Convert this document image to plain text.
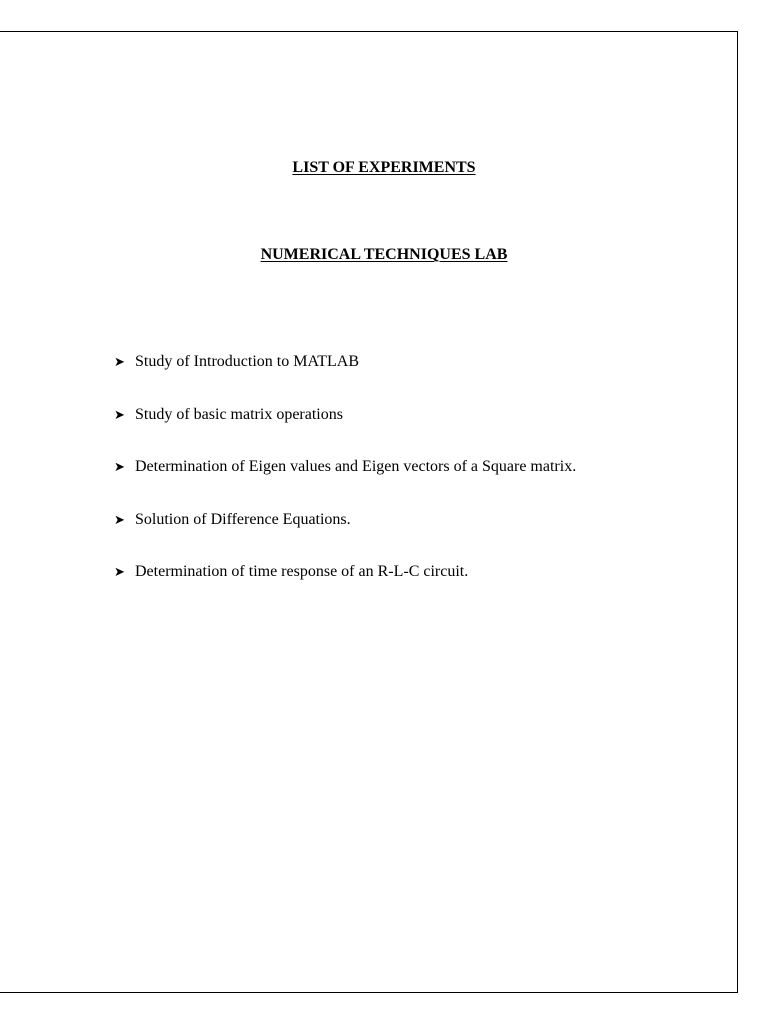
LIST OF EXPERIMENTS
NUMERICAL TECHNIQUES LAB
➤ Study of Introduction to MATLAB
➤ Study of basic matrix operations
➤ Determination of Eigen values and Eigen vectors of a Square matrix.
➤ Solution of Difference Equations.
➤ Determination of time response of an R-L-C circuit.
